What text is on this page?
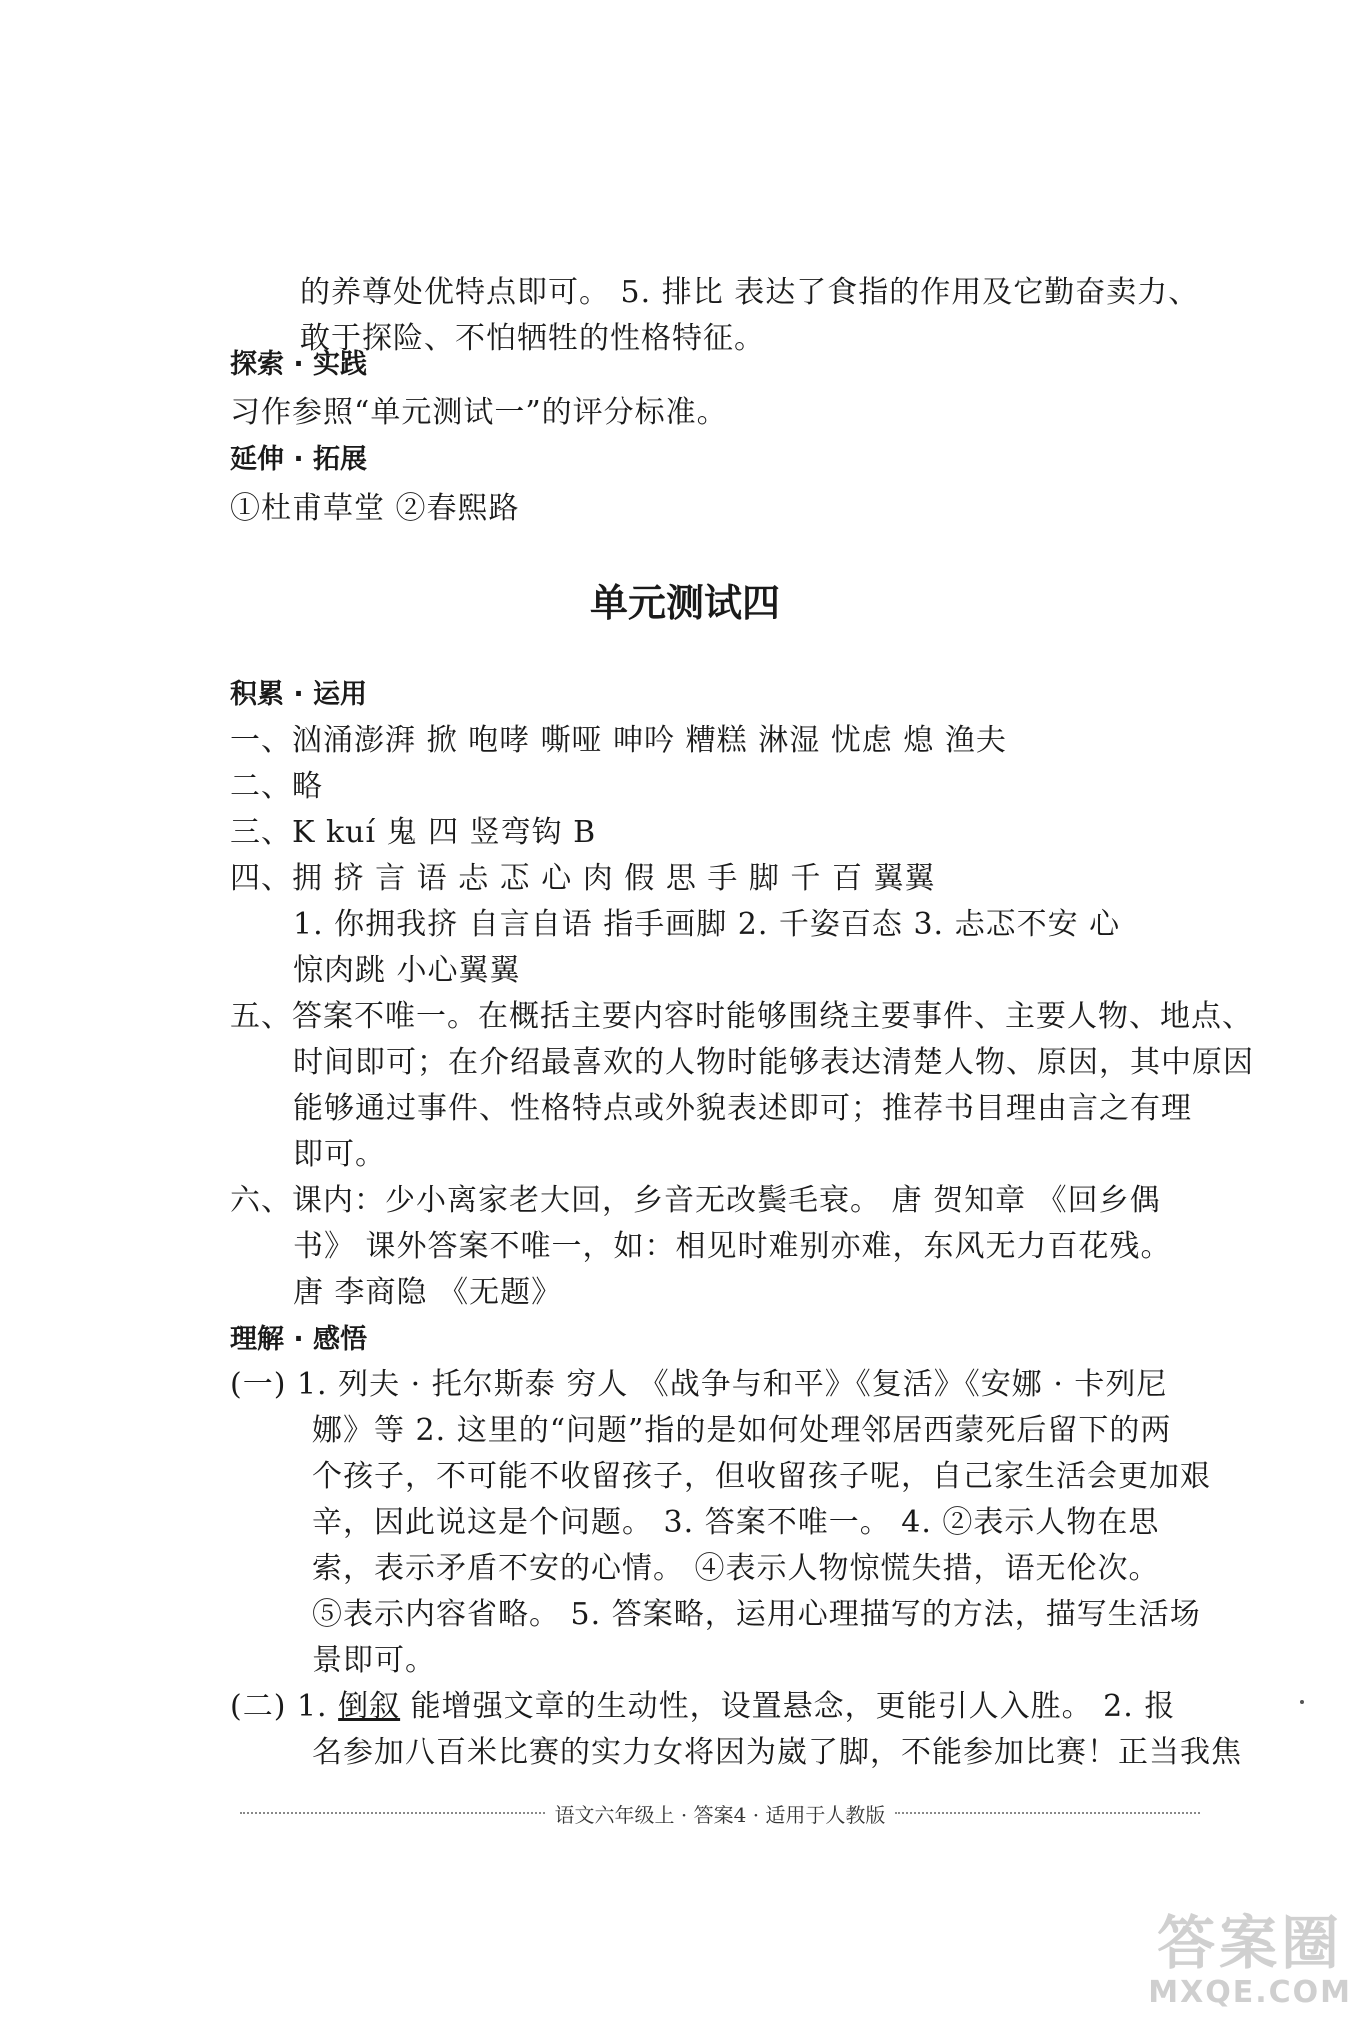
的养尊处优特点即可。 5. 排比 表达了食指的作用及它勤奋卖力、
敢于探险、不怕牺牲的性格特征。
探索 · 实践
习作参照“单元测试一”的评分标准。
延伸 · 拓展
①杜甫草堂 ②春熙路
单元测试四
积累 · 运用
一、汹涌澎湃 掀 咆哮 嘶哑 呻吟 糟糕 淋湿 忧虑 熄 渔夫
二、略
三、K kuí 鬼 四 竖弯钩 B
四、拥 挤 言 语 忐 忑 心 肉 假 思 手 脚 千 百 翼翼
1. 你拥我挤 自言自语 指手画脚 2. 千姿百态 3. 忐忑不安 心
惊肉跳 小心翼翼
五、答案不唯一。在概括主要内容时能够围绕主要事件、主要人物、地点、
时间即可；在介绍最喜欢的人物时能够表达清楚人物、原因，其中原因
能够通过事件、性格特点或外貌表述即可；推荐书目理由言之有理
即可。
六、课内：少小离家老大回，乡音无改鬓毛衰。 唐 贺知章 《回乡偶
书》 课外答案不唯一，如：相见时难别亦难，东风无力百花残。
唐 李商隐 《无题》
理解 · 感悟
(一) 1. 列夫 · 托尔斯泰 穷人 《战争与和平》《复活》《安娜 · 卡列尼
娜》等 2. 这里的“问题”指的是如何处理邻居西蒙死后留下的两
个孩子，不可能不收留孩子，但收留孩子呢，自己家生活会更加艰
辛，因此说这是个问题。 3. 答案不唯一。 4. ②表示人物在思
索，表示矛盾不安的心情。 ④表示人物惊慌失措，语无伦次。
⑤表示内容省略。 5. 答案略，运用心理描写的方法，描写生活场
景即可。
(二) 1. 倒叙 能增强文章的生动性，设置悬念，更能引人入胜。 2. 报
名参加八百米比赛的实力女将因为崴了脚，不能参加比赛！正当我焦
语文六年级上 · 答案4 · 适用于人教版
答案圈
MXQE.COM
